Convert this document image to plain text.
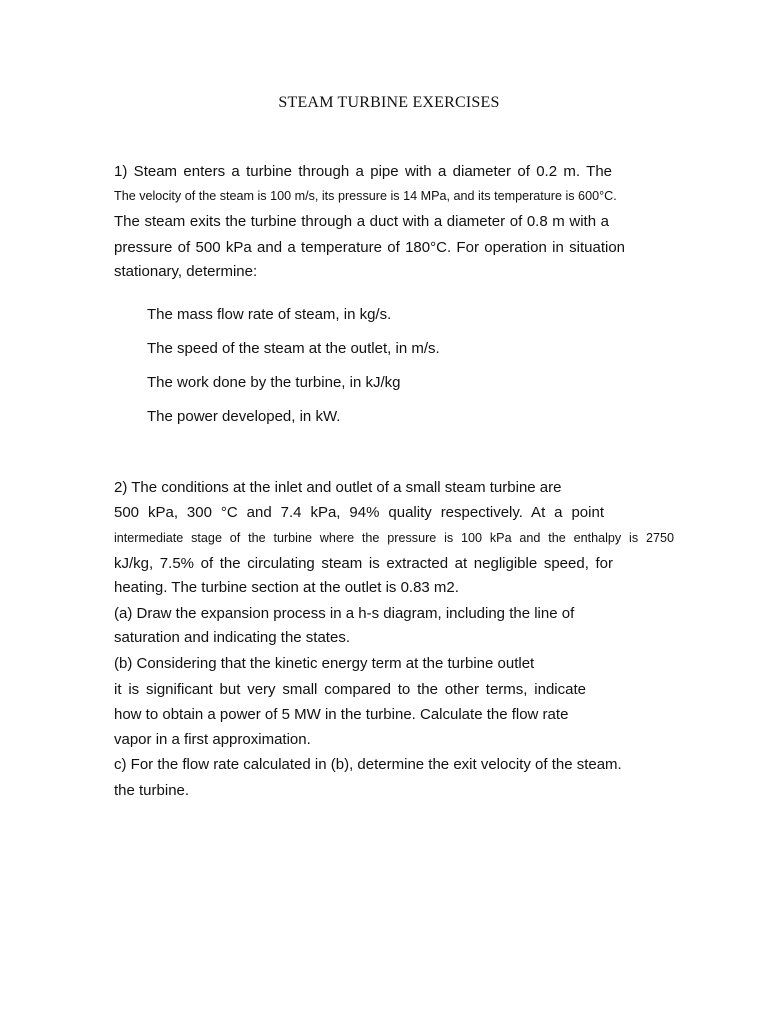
STEAM TURBINE EXERCISES
1) Steam enters a turbine through a pipe with a diameter of 0.2 m. The
The velocity of the steam is 100 m/s, its pressure is 14 MPa, and its temperature is 600°C.
The steam exits the turbine through a duct with a diameter of 0.8 m with a
pressure of 500 kPa and a temperature of 180°C. For operation in situation
stationary, determine:
The mass flow rate of steam, in kg/s.
The speed of the steam at the outlet, in m/s.
The work done by the turbine, in kJ/kg
The power developed, in kW.
2) The conditions at the inlet and outlet of a small steam turbine are
500 kPa, 300 °C and 7.4 kPa, 94% quality respectively. At a point
intermediate stage of the turbine where the pressure is 100 kPa and the enthalpy is 2750
kJ/kg, 7.5% of the circulating steam is extracted at negligible speed, for
heating. The turbine section at the outlet is 0.83 m2.
(a) Draw the expansion process in a h-s diagram, including the line of
saturation and indicating the states.
(b) Considering that the kinetic energy term at the turbine outlet
it is significant but very small compared to the other terms, indicate
how to obtain a power of 5 MW in the turbine. Calculate the flow rate
vapor in a first approximation.
c) For the flow rate calculated in (b), determine the exit velocity of the steam.
the turbine.
